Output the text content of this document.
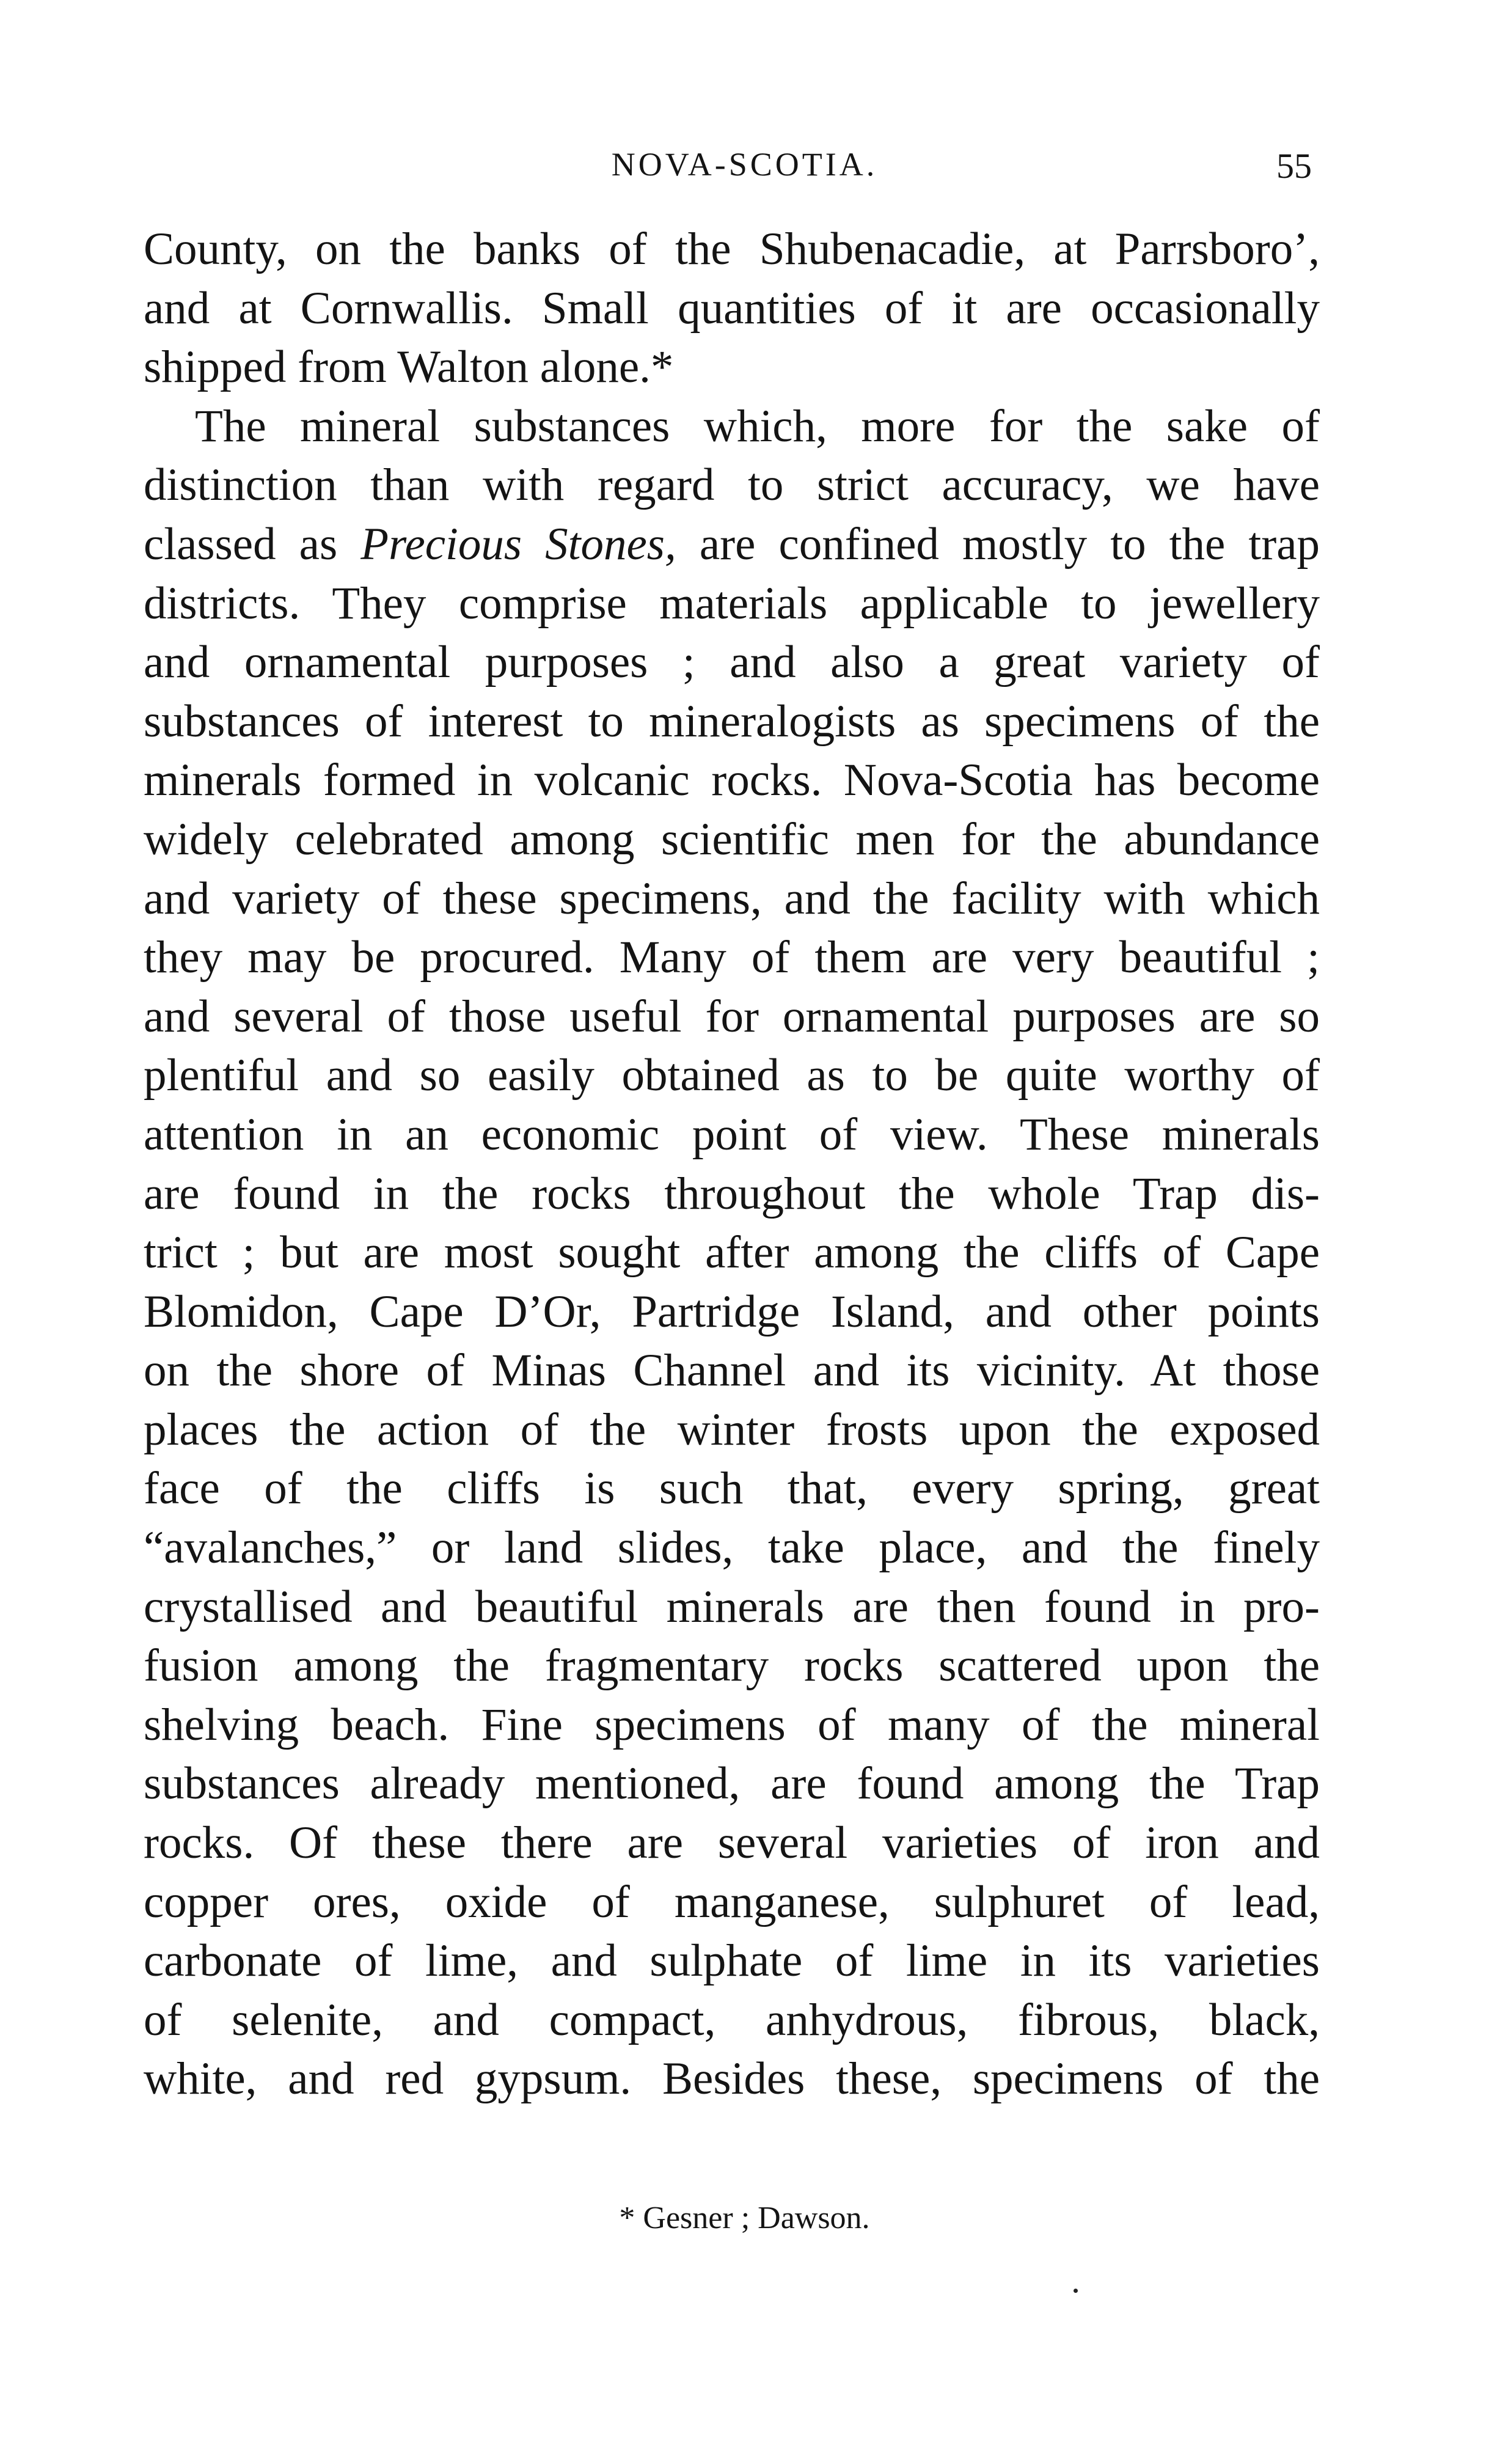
NOVA-SCOTIA.	55
County, on the banks of the Shubenacadie, at Parrsboro’,
and at Cornwallis. Small quantities of it are occasionally
shipped from Walton alone.*
The mineral substances which, more for the sake of
distinction than with regard to strict accuracy, we have
classed as Precious Stones, are confined mostly to the trap
districts. They comprise materials applicable to jewellery
and ornamental purposes ; and also a great variety of
substances of interest to mineralogists as specimens of the
minerals formed in volcanic rocks. Nova-Scotia has become
widely celebrated among scientific men for the abundance
and variety of these specimens, and the facility with which
they may be procured. Many of them are very beautiful ;
and several of those useful for ornamental purposes are so
plentiful and so easily obtained as to be quite worthy of
attention in an economic point of view. These minerals
are found in the rocks throughout the whole Trap dis-
trict ; but are most sought after among the cliffs of Cape
Blomidon, Cape D’Or, Partridge Island, and other points
on the shore of Minas Channel and its vicinity. At those
places the action of the winter frosts upon the exposed
face of the cliffs is such that, every spring, great
“avalanches,” or land slides, take place, and the finely
crystallised and beautiful minerals are then found in pro-
fusion among the fragmentary rocks scattered upon the
shelving beach. Fine specimens of many of the mineral
substances already mentioned, are found among the Trap
rocks. Of these there are several varieties of iron and
copper ores, oxide of manganese, sulphuret of lead,
carbonate of lime, and sulphate of lime in its varieties
of selenite, and compact, anhydrous, fibrous, black,
white, and red gypsum. Besides these, specimens of the
* Gesner ; Dawson.
